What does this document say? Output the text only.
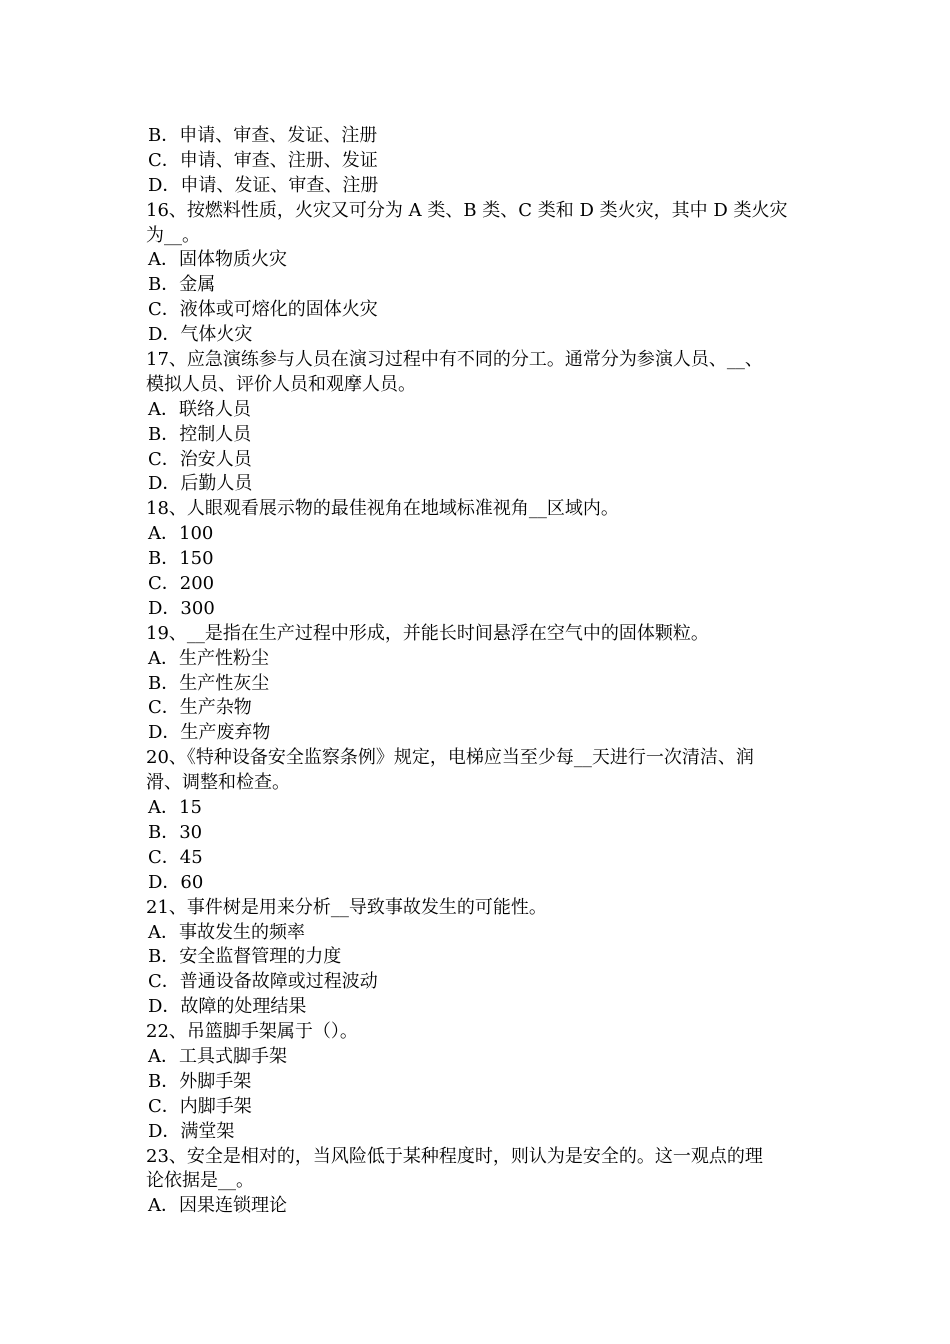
B．申请、审查、发证、注册
C．申请、审查、注册、发证
D．申请、发证、审查、注册
16、按燃料性质，火灾又可分为 A 类、B 类、C 类和 D 类火灾，其中 D 类火灾
为__。
A．固体物质火灾
B．金属
C．液体或可熔化的固体火灾
D．气体火灾
17、应急演练参与人员在演习过程中有不同的分工。通常分为参演人员、__、
模拟人员、评价人员和观摩人员。
A．联络人员
B．控制人员
C．治安人员
D．后勤人员
18、人眼观看展示物的最佳视角在地域标准视角__区域内。
A．100
B．150
C．200
D．300
19、__是指在生产过程中形成，并能长时间悬浮在空气中的固体颗粒。
A．生产性粉尘
B．生产性灰尘
C．生产杂物
D．生产废弃物
20、《特种设备安全监察条例》规定，电梯应当至少每__天进行一次清洁、润
滑、调整和检查。
A．15
B．30
C．45
D．60
21、事件树是用来分析__导致事故发生的可能性。
A．事故发生的频率
B．安全监督管理的力度
C．普通设备故障或过程波动
D．故障的处理结果
22、吊篮脚手架属于（）。
A．工具式脚手架
B．外脚手架
C．内脚手架
D．满堂架
23、安全是相对的，当风险低于某种程度时，则认为是安全的。这一观点的理
论依据是__。
A．因果连锁理论
